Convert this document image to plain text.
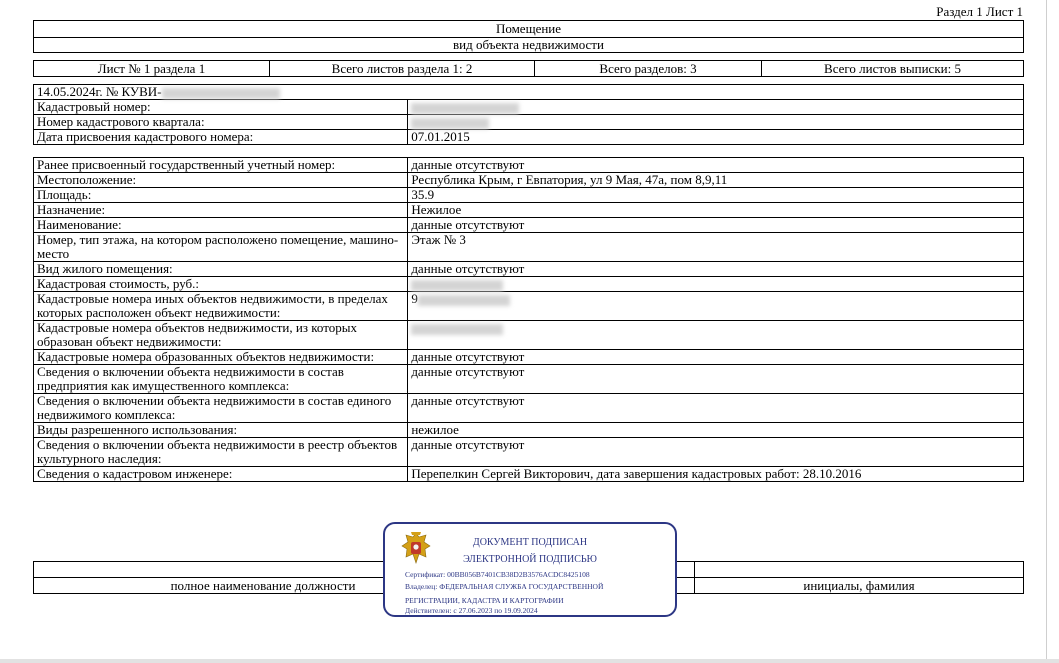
Раздел 1 Лист 1
Помещение
вид объекта недвижимости
Лист № 1 раздела 1	Всего листов раздела 1: 2	Всего разделов: 3	Всего листов выписки: 5
14.05.2024г. № КУВИ-	
Кадастровый номер:	
Номер кадастрового квартала:	
Дата присвоения кадастрового номера:	07.01.2015
Ранее присвоенный государственный учетный номер:	данные отсутствуют
Местоположение:	Республика Крым, г Евпатория, ул 9 Мая, 47а, пом 8,9,11
Площадь:	35.9
Назначение:	Нежилое
Наименование:	данные отсутствуют
Номер, тип этажа, на котором расположено помещение, машино-место	Этаж № 3
Вид жилого помещения:	данные отсутствуют
Кадастровая стоимость, руб.:	
Кадастровые номера иных объектов недвижимости, в пределах которых расположен объект недвижимости:	9
Кадастровые номера объектов недвижимости, из которых образован объект недвижимости:	
Кадастровые номера образованных объектов недвижимости:	данные отсутствуют
Сведения о включении объекта недвижимости в состав предприятия как имущественного комплекса:	данные отсутствуют
Сведения о включении объекта недвижимости в состав единого недвижимого комплекса:	данные отсутствуют
Виды разрешенного использования:	нежилое
Сведения о включении объекта недвижимости в реестр объектов культурного наследия:	данные отсутствуют
Сведения о кадастровом инженере:	Перепелкин Сергей Викторович, дата завершения кадастровых работ: 28.10.2016
полное наименование должности	инициалы, фамилия
ДОКУМЕНТ ПОДПИСАН
ЭЛЕКТРОННОЙ ПОДПИСЬЮ
Сертификат: 00BB056B7401CB38D2B3576ACDC8425108
Владелец: ФЕДЕРАЛЬНАЯ СЛУЖБА ГОСУДАРСТВЕННОЙ
РЕГИСТРАЦИИ, КАДАСТРА И КАРТОГРАФИИ
Действителен: с 27.06.2023 по 19.09.2024
